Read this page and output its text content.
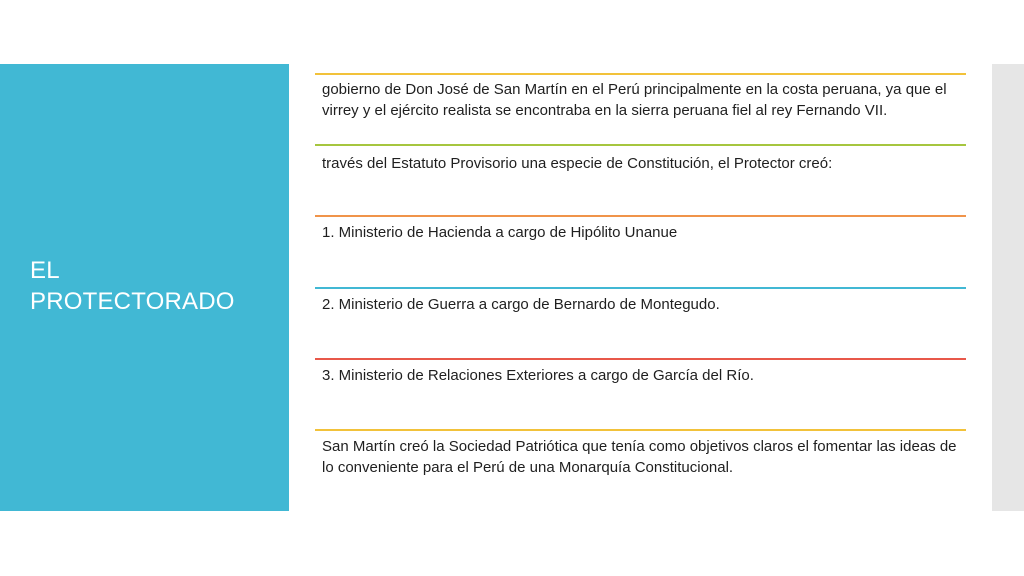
EL
PROTECTORADO
gobierno de Don José de San Martín en el Perú principalmente en la costa peruana, ya que el virrey y el ejército realista se encontraba en la sierra peruana fiel al rey Fernando VII.
través del Estatuto Provisorio una especie de Constitución, el Protector creó:
1. Ministerio de Hacienda a cargo de Hipólito Unanue
2. Ministerio de Guerra a cargo de Bernardo de Montegudo.
3. Ministerio de Relaciones Exteriores a cargo de García del Río.
San Martín creó la Sociedad Patriótica que tenía como objetivos claros el fomentar las ideas de lo conveniente para el Perú de una Monarquía Constitucional.
